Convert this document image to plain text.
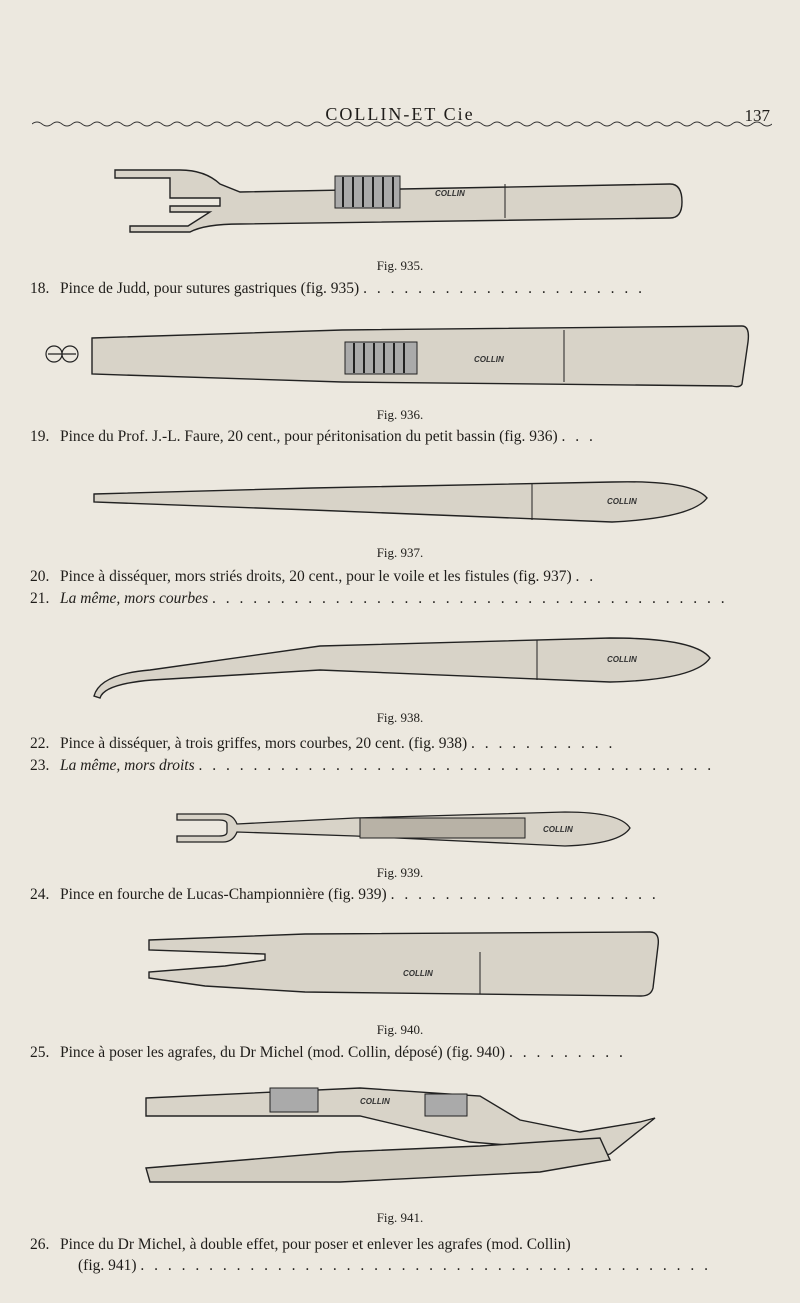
COLLIN-ET Cie	137
COLLIN
Fig. 935.
18. Pince de Judd, pour sutures gastriques (fig. 935) . . . . . . . . . . . . . . . . . . . . .
COLLIN
Fig. 936.
19. Pince du Prof. J.-L. Faure, 20 cent., pour péritonisation du petit bassin (fig. 936) . . .
COLLIN
Fig. 937.
20. Pince à disséquer, mors striés droits, 20 cent., pour le voile et les fistules (fig. 937) . .
21. La même, mors courbes . . . . . . . . . . . . . . . . . . . . . . . . . . . . . . . . . . . . . .
COLLIN
Fig. 938.
22. Pince à disséquer, à trois griffes, mors courbes, 20 cent. (fig. 938) . . . . . . . . . . .
23. La même, mors droits . . . . . . . . . . . . . . . . . . . . . . . . . . . . . . . . . . . . . .
COLLIN
Fig. 939.
24. Pince en fourche de Lucas-Championnière (fig. 939) . . . . . . . . . . . . . . . . . . . .
COLLIN
Fig. 940.
25. Pince à poser les agrafes, du Dr Michel (mod. Collin, déposé) (fig. 940) . . . . . . . . .
COLLIN
Fig. 941.
26. Pince du Dr Michel, à double effet, pour poser et enlever les agrafes (mod. Collin)
(fig. 941) . . . . . . . . . . . . . . . . . . . . . . . . . . . . . . . . . . . . . . . . . .
